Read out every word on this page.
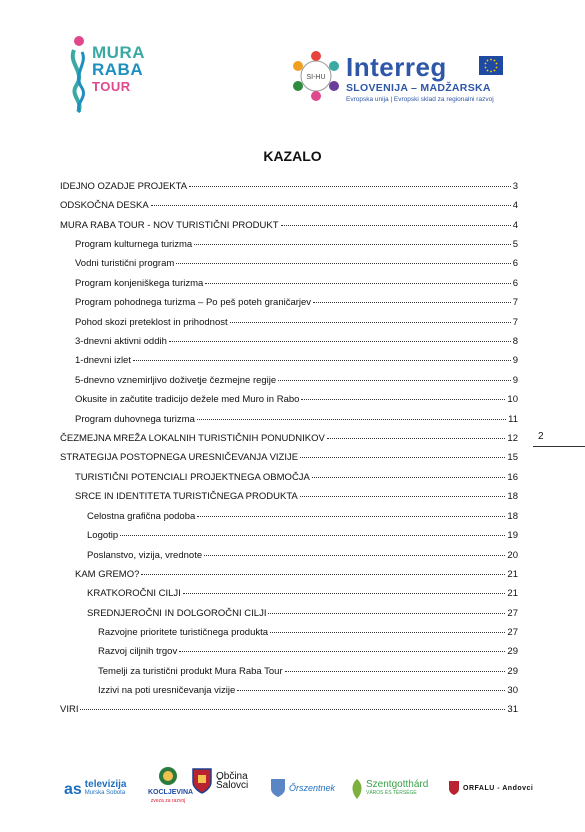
MURA
RABA
TOUR
SI-HU Interreg
SLOVENIJA – MADŽARSKA
Evropska unija | Evropski sklad za regionalni razvoj
KAZALO
IDEJNO OZADJE PROJEKTA	3
ODSKOČNA DESKA	4
MURA RABA TOUR - NOV TURISTIČNI PRODUKT	4
Program kulturnega turizma	5
Vodni turistični program	6
Program konjeniškega turizma	6
Program pohodnega turizma – Po peš poteh graničarjev	7
Pohod skozi preteklost in prihodnost	7
3-dnevni aktivni oddih	8
1-dnevni izlet	9
5-dnevno vznemirljivo doživetje čezmejne regije	9
Okusite in začutite tradicijo dežele med Muro in Rabo	10
Program duhovnega turizma	11
ČEZMEJNA MREŽA LOKALNIH TURISTIČNIH PONUDNIKOV	12
STRATEGIJA POSTOPNEGA URESNIČEVANJA VIZIJE	15
TURISTIČNI POTENCIALI PROJEKTNEGA OBMOČJA	16
SRCE IN IDENTITETA TURISTIČNEGA PRODUKTA	18
Celostna grafična podoba	18
Logotip	19
Poslanstvo, vizija, vrednote	20
KAM GREMO?	21
KRATKOROČNI CILJI	21
SREDNJEROČNI IN DOLGOROČNI CILJI	27
Razvojne prioritete turističnega produkta	27
Razvoj ciljnih trgov	29
Temelji za turistični produkt Mura Raba Tour	29
Izzivi na poti uresničevanja vizije	30
VIRI	31
2
as televizija
Murska Sobota	KOCLJEVINA
zveza za razvoj
Občina
Šalovci	Őrszentnek	Szentgotthárd
VÁROS ÉS TÉRSÉGE
ORFALU - Andovci
